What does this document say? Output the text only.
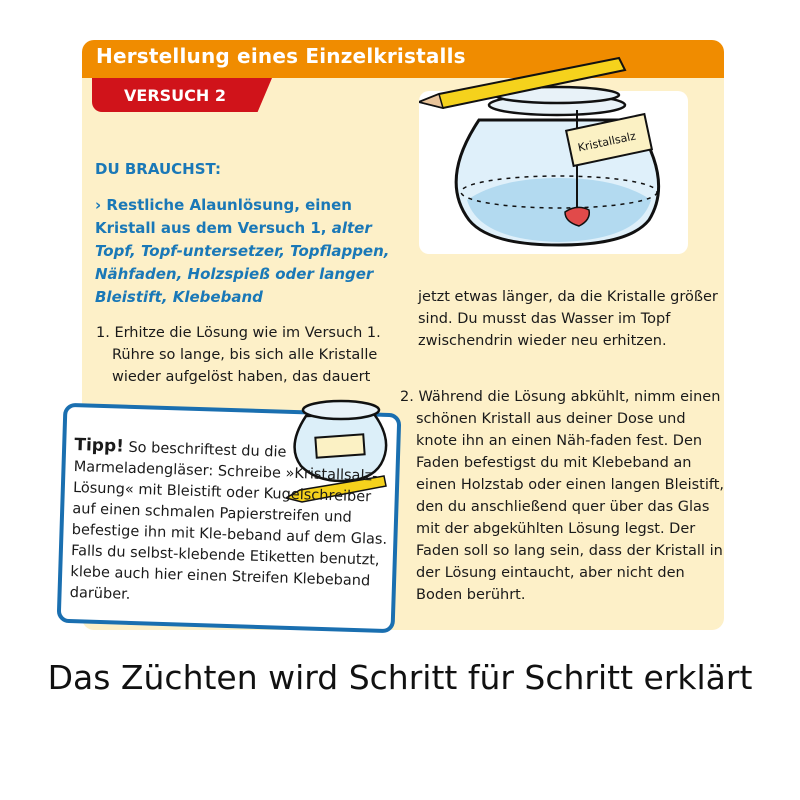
Herstellung eines Einzelkristalls
VERSUCH 2
Kristallsalz
DU BRAUCHST:
› Restliche Alaunlösung, einen Kristall aus dem Versuch 1, alter Topf, Topf-untersetzer, Topflappen, Nähfaden, Holzspieß oder langer Bleistift, Klebeband
1. Erhitze die Lösung wie im Versuch 1. Rühre so lange, bis sich alle Kristalle wieder aufgelöst haben, das dauert
jetzt etwas länger, da die Kristalle größer sind. Du musst das Wasser im Topf zwischendrin wieder neu erhitzen.
2. Während die Lösung abkühlt, nimm einen schönen Kristall aus deiner Dose und knote ihn an einen Näh-faden fest. Den Faden befestigst du mit Klebeband an einen Holzstab oder einen langen Bleistift, den du anschließend quer über das Glas mit der abgekühlten Lösung legst. Der Faden soll so lang sein, dass der Kristall in der Lösung eintaucht, aber nicht den Boden berührt.
Tipp! So beschriftest du die Marmeladengläser: Schreibe »Kristallsalz-Lösung« mit Bleistift oder Kugelschreiber auf einen schmalen Papierstreifen und befestige ihn mit Kle-beband auf dem Glas. Falls du selbst-klebende Etiketten benutzt, klebe auch hier einen Streifen Klebeband darüber.
Das Züchten wird Schritt für Schritt erklärt
